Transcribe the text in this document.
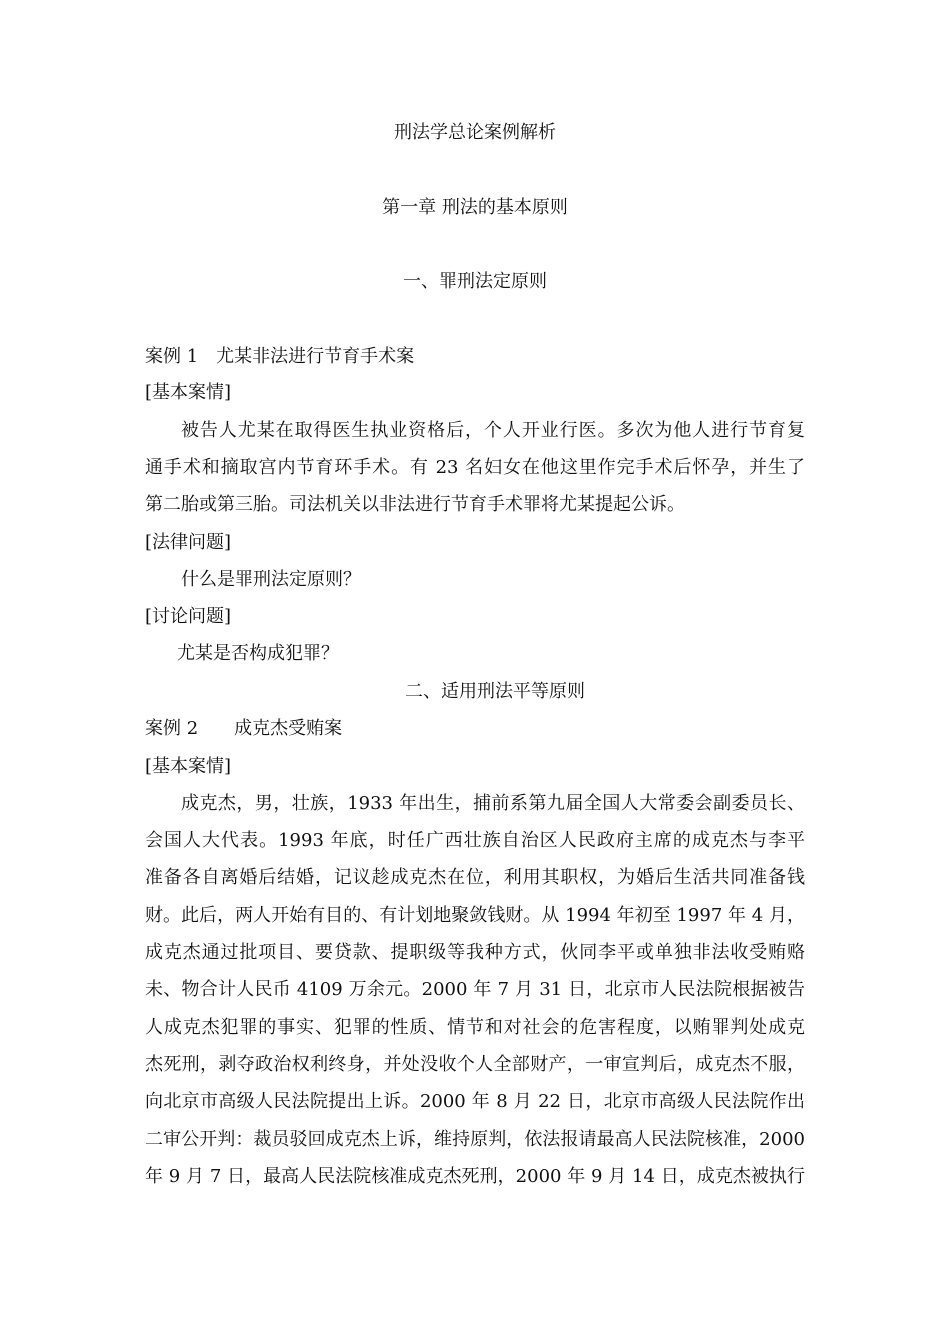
刑法学总论案例解析
第一章 刑法的基本原则
一、罪刑法定原则
案例 1　尤某非法进行节育手术案
[基本案情]
被告人尤某在取得医生执业资格后，个人开业行医。多次为他人进行节育复
通手术和摘取宫内节育环手术。有 23 名妇女在他这里作完手术后怀孕，并生了
第二胎或第三胎。司法机关以非法进行节育手术罪将尤某提起公诉。
[法律问题]
什么是罪刑法定原则？
[讨论问题]
尤某是否构成犯罪？
二、适用刑法平等原则
案例 2　　成克杰受贿案
[基本案情]
成克杰，男，壮族，1933 年出生，捕前系第九届全国人大常委会副委员长、
会国人大代表。1993 年底，时任广西壮族自治区人民政府主席的成克杰与李平
准备各自离婚后结婚，记议趁成克杰在位，利用其职权，为婚后生活共同准备钱
财。此后，两人开始有目的、有计划地聚敛钱财。从 1994 年初至 1997 年 4 月，
成克杰通过批项目、要贷款、提职级等我种方式，伙同李平或单独非法收受贿赂
未、物合计人民币 4109 万余元。2000 年 7 月 31 日，北京市人民法院根据被告
人成克杰犯罪的事实、犯罪的性质、情节和对社会的危害程度，以贿罪判处成克
杰死刑，剥夺政治权利终身，并处没收个人全部财产，一审宣判后，成克杰不服，
向北京市高级人民法院提出上诉。2000 年 8 月 22 日，北京市高级人民法院作出
二审公开判：裁员驳回成克杰上诉，维持原判，依法报请最高人民法院核准，2000
年 9 月 7 日，最高人民法院核准成克杰死刑，2000 年 9 月 14 日，成克杰被执行
